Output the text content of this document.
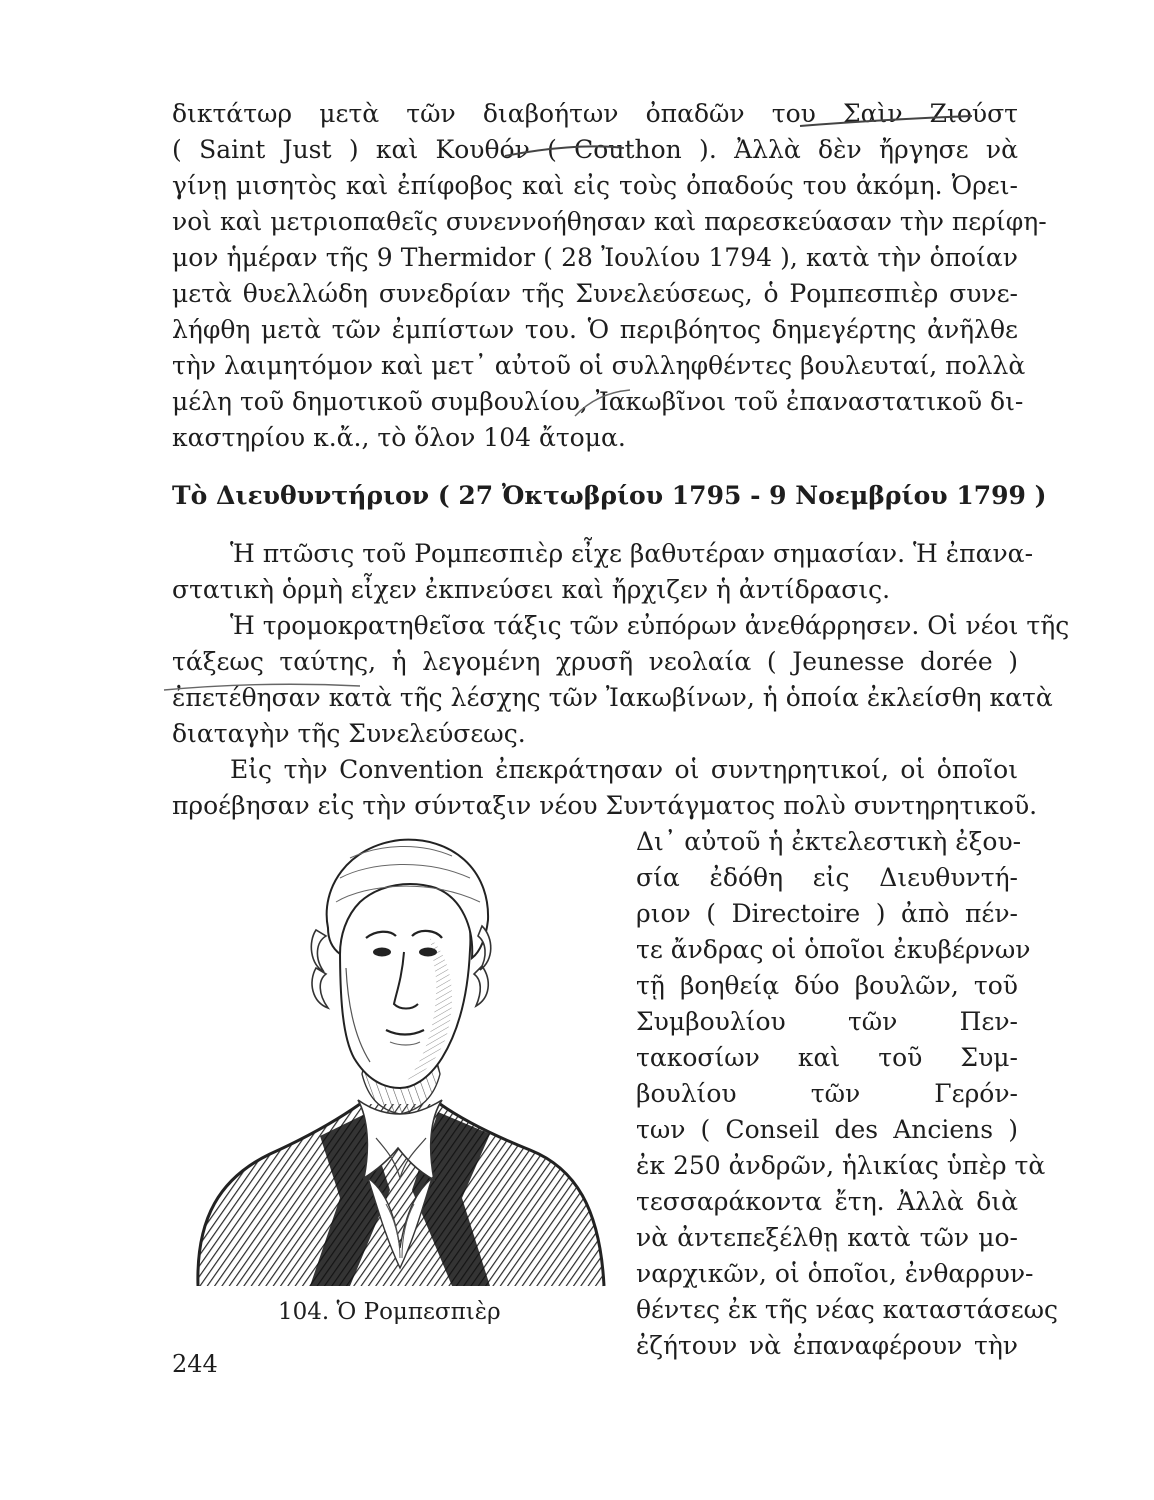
δικτάτωρ μετὰ τῶν διαβοήτων ὀπαδῶν του Σαὶν Ζιούστ
( Saint Just ) καὶ Κουθόν ( Couthon ). Ἀλλὰ δὲν ἤργησε νὰ
γίνῃ μισητὸς καὶ ἐπίφοβος καὶ εἰς τοὺς ὀπαδούς του ἀκόμη. Ὀρει-
νοὶ καὶ μετριοπαθεῖς συνεννοήθησαν καὶ παρεσκεύασαν τὴν περίφη-
μον ἡμέραν τῆς 9 Thermidor ( 28 Ἰουλίου 1794 ), κατὰ τὴν ὁποίαν
μετὰ θυελλώδη συνεδρίαν τῆς Συνελεύσεως, ὁ Ρομπεσπιὲρ συνε-
λήφθη μετὰ τῶν ἐμπίστων του. Ὁ περιβόητος δημεγέρτης ἀνῆλθε
τὴν λαιμητόμον καὶ μετ᾽ αὐτοῦ οἱ συλληφθέντες βουλευταί, πολλὰ
μέλη τοῦ δημοτικοῦ συμβουλίου, Ἰακωβῖνοι τοῦ ἐπαναστατικοῦ δι-
καστηρίου κ.ἄ., τὸ ὅλον 104 ἄτομα.
Τὸ Διευθυντήριον ( 27 Ὀκτωβρίου 1795 - 9 Νοεμβρίου 1799 )
Ἡ πτῶσις τοῦ Ρομπεσπιὲρ εἶχε βαθυτέραν σημασίαν. Ἡ ἐπανα-
στατικὴ ὁρμὴ εἶχεν ἐκπνεύσει καὶ ἤρχιζεν ἡ ἀντίδρασις.
Ἡ τρομοκρατηθεῖσα τάξις τῶν εὐπόρων ἀνεθάρρησεν. Οἱ νέοι τῆς
τάξεως ταύτης, ἡ λεγομένη χρυσῆ νεολαία ( Jeunesse dorée )
ἐπετέθησαν κατὰ τῆς λέσχης τῶν Ἰακωβίνων, ἡ ὁποία ἐκλείσθη κατὰ
διαταγὴν τῆς Συνελεύσεως.
Εἰς τὴν Convention ἐπεκράτησαν οἱ συντηρητικοί, οἱ ὁποῖοι
προέβησαν εἰς τὴν σύνταξιν νέου Συντάγματος πολὺ συντηρητικοῦ.
Δι᾽ αὐτοῦ ἡ ἐκτελεστικὴ ἐξου-
σία ἐδόθη εἰς Διευθυντή-
ριον ( Directoire ) ἀπὸ πέν-
τε ἄνδρας οἱ ὁποῖοι ἐκυβέρνων
τῇ βοηθείᾳ δύο βουλῶν, τοῦ
Συμβουλίου τῶν Πεν-
τακοσίων καὶ τοῦ Συμ-
βουλίου τῶν Γερόν-
των ( Conseil des Anciens )
ἐκ 250 ἀνδρῶν, ἡλικίας ὑπὲρ τὰ
τεσσαράκοντα ἔτη. Ἀλλὰ διὰ
νὰ ἀντεπεξέλθῃ κατὰ τῶν μο-
ναρχικῶν, οἱ ὁποῖοι, ἐνθαρρυν-
θέντες ἐκ τῆς νέας καταστάσεως
ἐζήτουν νὰ ἐπαναφέρουν τὴν
104. Ὁ Ρομπεσπιὲρ
244
